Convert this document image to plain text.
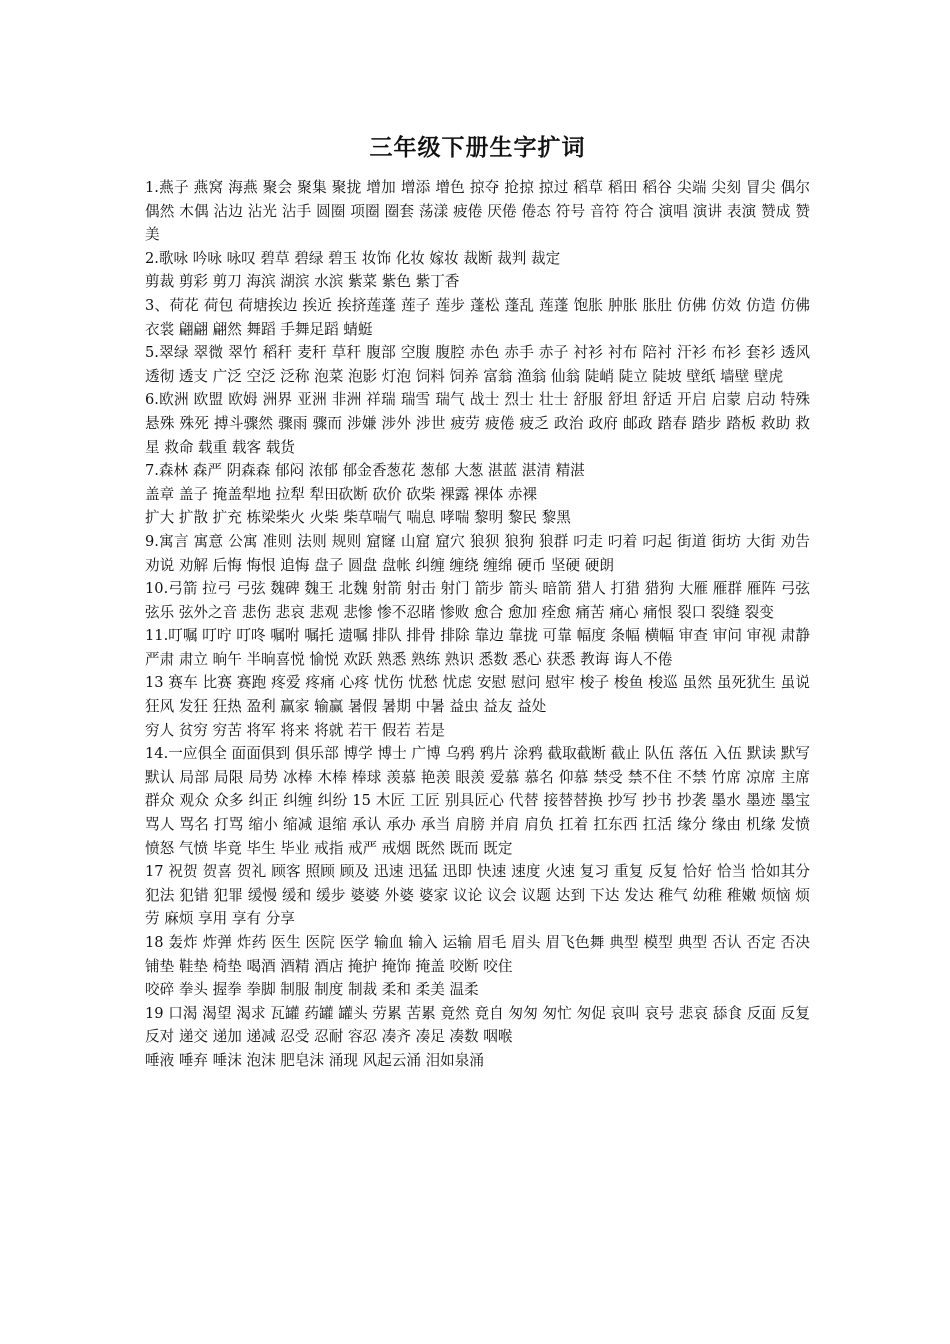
三年级下册生字扩词

1.燕子 燕窝 海燕 聚会 聚集 聚拢 增加 增添 增色 掠夺 抢掠 掠过 稻草 稻田 稻谷 尖端 尖刻 冒尖 偶尔 偶然 木偶 沾边 沾光 沾手 圆圈 项圈 圈套 荡漾 疲倦 厌倦 倦态 符号 音符 符合 演唱 演讲 表演 赞成 赞美

2.歌咏 吟咏 咏叹 碧草 碧绿 碧玉 妆饰 化妆 嫁妆 裁断 裁判 裁定

剪裁 剪彩 剪刀 海滨 湖滨 水滨 紫菜 紫色 紫丁香

3、荷花 荷包 荷塘挨边 挨近 挨挤莲蓬 莲子 莲步 蓬松 蓬乱 莲蓬 饱胀 肿胀 胀肚 仿佛 仿效 仿造 仿佛 衣裳 翩翩 翩然 舞蹈 手舞足蹈 蜻蜓

5.翠绿 翠微 翠竹 稻秆 麦秆 草秆 腹部 空腹 腹腔 赤色 赤手 赤子 衬衫 衬布 陪衬 汗衫 布衫 套衫 透风 透彻 透支 广泛 空泛 泛称 泡菜 泡影 灯泡 饲料 饲养 富翁 渔翁 仙翁 陡峭 陡立 陡坡 壁纸 墙壁 壁虎

6.欧洲 欧盟 欧姆 洲界 亚洲 非洲 祥瑞 瑞雪 瑞气 战士 烈士 壮士 舒服 舒坦 舒适 开启 启蒙 启动 特殊 悬殊 殊死 搏斗骤然 骤雨 骤而 涉嫌 涉外 涉世 疲劳 疲倦 疲乏 政治 政府 邮政 踏春 踏步 踏板 救助 救星 救命 载重 载客 载货

7.森林 森严 阴森森 郁闷 浓郁 郁金香葱花 葱郁 大葱 湛蓝 湛清 精湛

盖章 盖子 掩盖犁地 拉犁 犁田砍断 砍价 砍柴 裸露 裸体 赤裸

扩大 扩散 扩充 栋梁柴火 火柴 柴草喘气 喘息 哮喘 黎明 黎民 黎黑

9.寓言 寓意 公寓 准则 法则 规则 窟窿 山窟 窟穴 狼狈 狼狗 狼群 叼走 叼着 叼起 街道 街坊 大街 劝告 劝说 劝解 后悔 悔恨 追悔 盘子 圆盘 盘帐 纠缠 缠绕 缠绵 硬币 坚硬 硬朗

10.弓箭 拉弓 弓弦 魏碑 魏王 北魏 射箭 射击 射门 箭步 箭头 暗箭 猎人 打猎 猎狗 大雁 雁群 雁阵 弓弦 弦乐 弦外之音 悲伤 悲哀 悲观 悲惨 惨不忍睹 惨败 愈合 愈加 痊愈 痛苦 痛心 痛恨 裂口 裂缝 裂变

11.叮嘱 叮咛 叮咚 嘱咐 嘱托 遗嘱 排队 排骨 排除 靠边 靠拢 可靠 幅度 条幅 横幅 审查 审问 审视 肃静 严肃 肃立 晌午 半晌喜悦 愉悦 欢跃 熟悉 熟练 熟识 悉数 悉心 获悉 教诲 诲人不倦

13 赛车 比赛 赛跑 疼爱 疼痛 心疼 忧伤 忧愁 忧虑 安慰 慰问 慰牢 梭子 梭鱼 梭巡 虽然 虽死犹生 虽说 狂风 发狂 狂热 盈利 赢家 输赢 暑假 暑期 中暑 益虫 益友 益处

穷人 贫穷 穷苦 将军 将来 将就 若干 假若 若是

14.一应俱全 面面俱到 俱乐部 博学 博士 广博 乌鸦 鸦片 涂鸦 截取截断 截止 队伍 落伍 入伍 默读 默写 默认 局部 局限 局势 冰棒 木棒 棒球 羡慕 艳羡 眼羡 爱慕 慕名 仰慕 禁受 禁不住 不禁 竹席 凉席 主席 群众 观众 众多 纠正 纠缠 纠纷 15 木匠 工匠 别具匠心 代替 接替替换 抄写 抄书 抄袭 墨水 墨迹 墨宝 骂人 骂名 打骂 缩小 缩减 退缩 承认 承办 承当 肩膀 并肩 肩负 扛着 扛东西 扛活 缘分 缘由 机缘 发愤 愤怒 气愤 毕竟 毕生 毕业 戒指 戒严 戒烟 既然 既而 既定

17 祝贺 贺喜 贺礼 顾客 照顾 顾及 迅速 迅猛 迅即 快速 速度 火速 复习 重复 反复 恰好 恰当 恰如其分 犯法 犯错 犯罪 缓慢 缓和 缓步 婆婆 外婆 婆家 议论 议会 议题 达到 下达 发达 稚气 幼稚 稚嫩 烦恼 烦劳 麻烦 享用 享有 分享

18 轰炸 炸弹 炸药 医生 医院 医学 输血 输入 运输 眉毛 眉头 眉飞色舞 典型 模型 典型 否认 否定 否决 铺垫 鞋垫 椅垫 喝酒 酒精 酒店 掩护 掩饰 掩盖 咬断 咬住

咬碎 拳头 握拳 拳脚 制服 制度 制裁 柔和 柔美 温柔

19 口渴 渴望 渴求 瓦罐 药罐 罐头 劳累 苦累 竟然 竟自 匆匆 匆忙 匆促 哀叫 哀号 悲哀 舔食 反面 反复 反对 递交 递加 递减 忍受 忍耐 容忍 凑齐 凑足 凑数 咽喉

唾液 唾弃 唾沫 泡沫 肥皂沫 涌现 风起云涌 泪如泉涌
